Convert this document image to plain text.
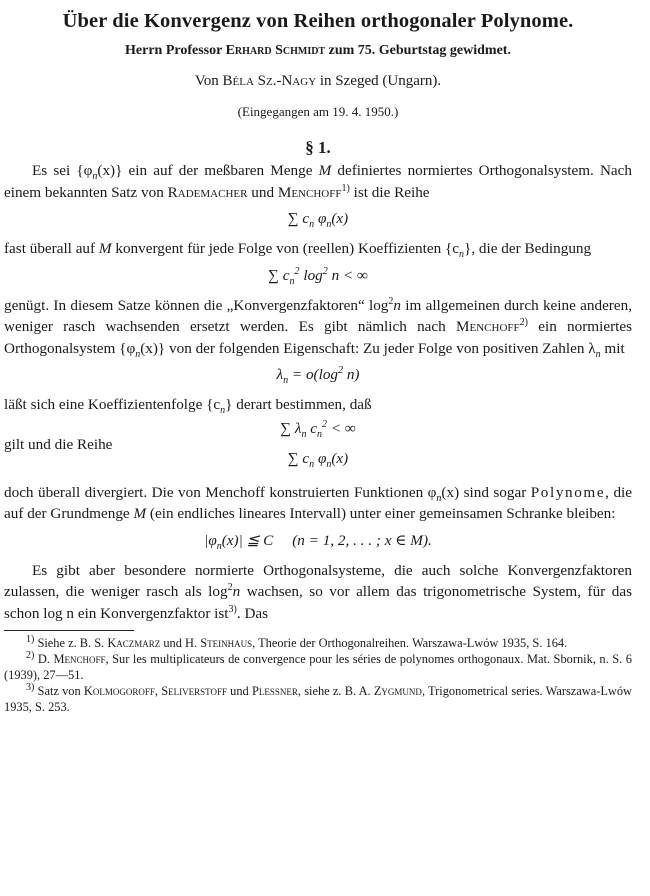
Über die Konvergenz von Reihen orthogonaler Polynome.
Herrn Professor Erhard Schmidt zum 75. Geburtstag gewidmet.
Von Béla Sz.-Nagy in Szeged (Ungarn).
(Eingegangen am 19. 4. 1950.)
§ 1.

Es sei $\{\varphi_n(x)\}$ ein auf der meßbaren Menge M definiertes normiertes Orthogonalsystem. Nach einem bekannten Satz von Rademacher und Menchoff$^{1)}$ ist die Reihe

∑ $c_n$ $\varphi_n(x)$

fast überall auf M konvergent für jede Folge von (reellen) Koeffizienten $\{c_n\}$, die der Bedingung

∑ $c_n^2$ $\log^2 n$ < ∞

genügt. In diesem Satze können die „Konvergenzfaktoren“ $\log^2n$ im allgemeinen durch keine anderen, weniger rasch wachsenden ersetzt werden. Es gibt nämlich nach Menchoff$^{2)}$ ein normiertes Orthogonalsystem $\{\varphi_n(x)\}$ von der folgenden Eigenschaft: Zu jeder Folge von positiven Zahlen $\lambda_n$ mit

$\lambda_n = o(\log^2$ n)

läßt sich eine Koeffizientenfolge $\{c_n\}$ derart bestimmen, daß

gilt und die Reihe
∑ $\lambda_n$ $c_n^2$ < ∞
∑ $c_n$ $\varphi_n(x)$

doch überall divergiert. Die von Menchoff konstruierten Funktionen $\varphi_n(x)$ sind sogar Polynome, die auf der Grundmenge M (ein endliches lineares Intervall) unter einer gemeinsamen Schranke bleiben:

$|\varphi_n(x)|$ ≦ C     (n = 1, 2, . . . ; x ∈ M).

Es gibt aber besondere normierte Orthogonalsysteme, die auch solche Konvergenzfaktoren zulassen, die weniger rasch als $\log^2n$ wachsen, so vor allem das trigonometrische System, für das schon log n ein Konvergenzfaktor ist$^{3)}$. Das

$^{1)}$ Siehe z. B. S. Kaczmarz und H. Steinhaus, Theorie der Orthogonalreihen. Warszawa-Lwów 1935, S. 164.

$^{2)}$ D. Menchoff, Sur les multiplicateurs de convergence pour les séries de polynomes orthogonaux. Mat. Sbornik, n. S. 6 (1939), 27—51.

$^{3)}$ Satz von Kolmogoroff, Seliverstoff und Plessner, siehe z. B. A. Zygmund, Trigonometrical series. Warszawa-Lwów 1935, S. 253.
